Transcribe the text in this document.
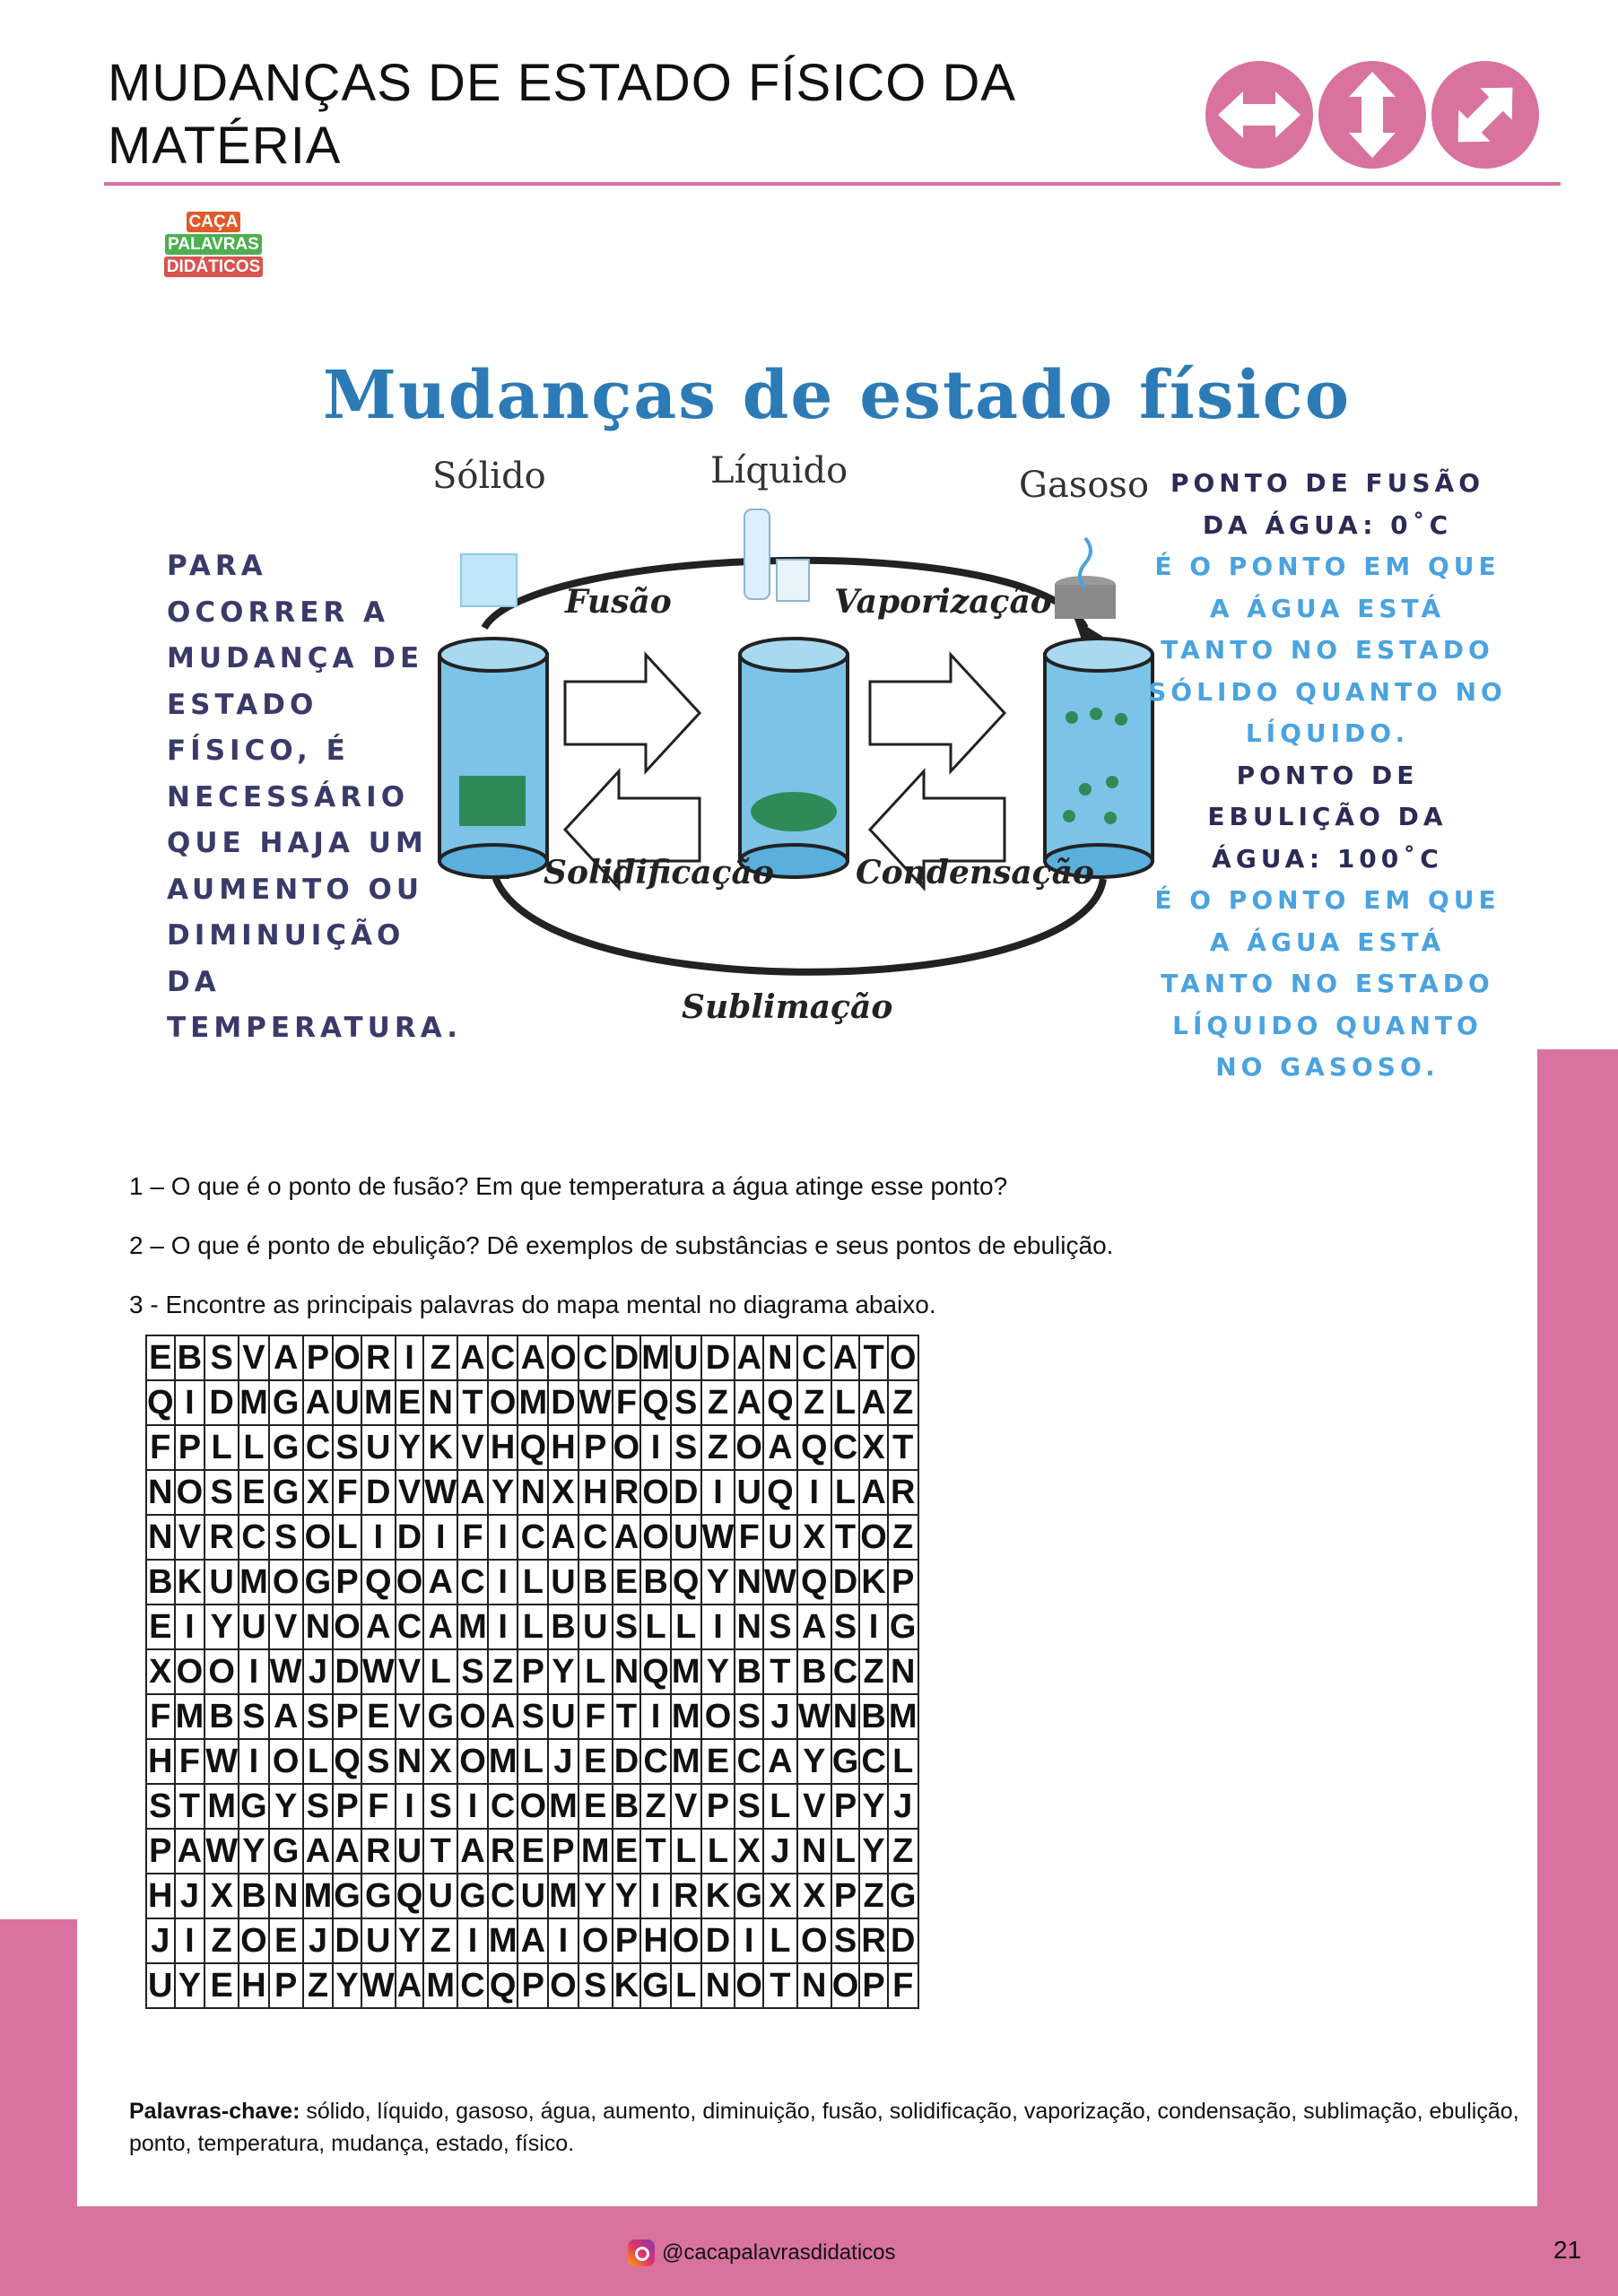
MUDANÇAS DE ESTADO FÍSICO DA
MATÉRIA
CAÇA
PALAVRAS
DIDÁTICOS
Mudanças de estado físico
Sólido	Líquido	Gasoso
PARA OCORRER A MUDANÇA DE ESTADO FÍSICO, É NECESSÁRIO QUE HAJA UM AUMENTO OU DIMINUIÇÃO DA TEMPERATURA.
Fusão	Vaporização
Solidificação	Condensação
Sublimação
PONTO DE FUSÃO DA ÁGUA: 0˚C
É O PONTO EM QUE A ÁGUA ESTÁ TANTO NO ESTADO SÓLIDO QUANTO NO LÍQUIDO.
PONTO DE EBULIÇÃO DA ÁGUA: 100˚C
É O PONTO EM QUE A ÁGUA ESTÁ TANTO NO ESTADO LÍQUIDO QUANTO NO GASOSO.
1 – O que é o ponto de fusão? Em que temperatura a água atinge esse ponto?
2 – O que é ponto de ebulição? Dê exemplos de substâncias e seus pontos de ebulição.
3 - Encontre as principais palavras do mapa mental no diagrama abaixo.
E	B	S	V	A	P	O	R	I	Z	A	C	A	O	C	D	M	U	D	A	N	C	A	T	O
Q	I	D	M	G	A	U	M	E	N	T	O	M	D	W	F	Q	S	Z	A	Q	Z	L	A	Z
F	P	L	L	G	C	S	U	Y	K	V	H	Q	H	P	O	I	S	Z	O	A	Q	C	X	T
N	O	S	E	G	X	F	D	V	W	A	Y	N	X	H	R	O	D	I	U	Q	I	L	A	R
N	V	R	C	S	O	L	I	D	I	F	I	C	A	C	A	O	U	W	F	U	X	T	O	Z
B	K	U	M	O	G	P	Q	O	A	C	I	L	U	B	E	B	Q	Y	N	W	Q	D	K	P
E	I	Y	U	V	N	O	A	C	A	M	I	L	B	U	S	L	L	I	N	S	A	S	I	G
X	O	O	I	W	J	D	W	V	L	S	Z	P	Y	L	N	Q	M	Y	B	T	B	C	Z	N
F	M	B	S	A	S	P	E	V	G	O	A	S	U	F	T	I	M	O	S	J	W	N	B	M
H	F	W	I	O	L	Q	S	N	X	O	M	L	J	E	D	C	M	E	C	A	Y	G	C	L
S	T	M	G	Y	S	P	F	I	S	I	C	O	M	E	B	Z	V	P	S	L	V	P	Y	J
P	A	W	Y	G	A	A	R	U	T	A	R	E	P	M	E	T	L	L	X	J	N	L	Y	Z
H	J	X	B	N	M	G	G	Q	U	G	C	U	M	Y	Y	I	R	K	G	X	X	P	Z	G
J	I	Z	O	E	J	D	U	Y	Z	I	M	A	I	O	P	H	O	D	I	L	O	S	R	D
U	Y	E	H	P	Z	Y	W	A	M	C	Q	P	O	S	K	G	L	N	O	T	N	O	P	F
Palavras-chave: sólido, líquido, gasoso, água, aumento, diminuição, fusão, solidificação, vaporização, condensação, sublimação, ebulição, ponto, temperatura, mudança, estado, físico.
@cacapalavrasdidaticos	21
